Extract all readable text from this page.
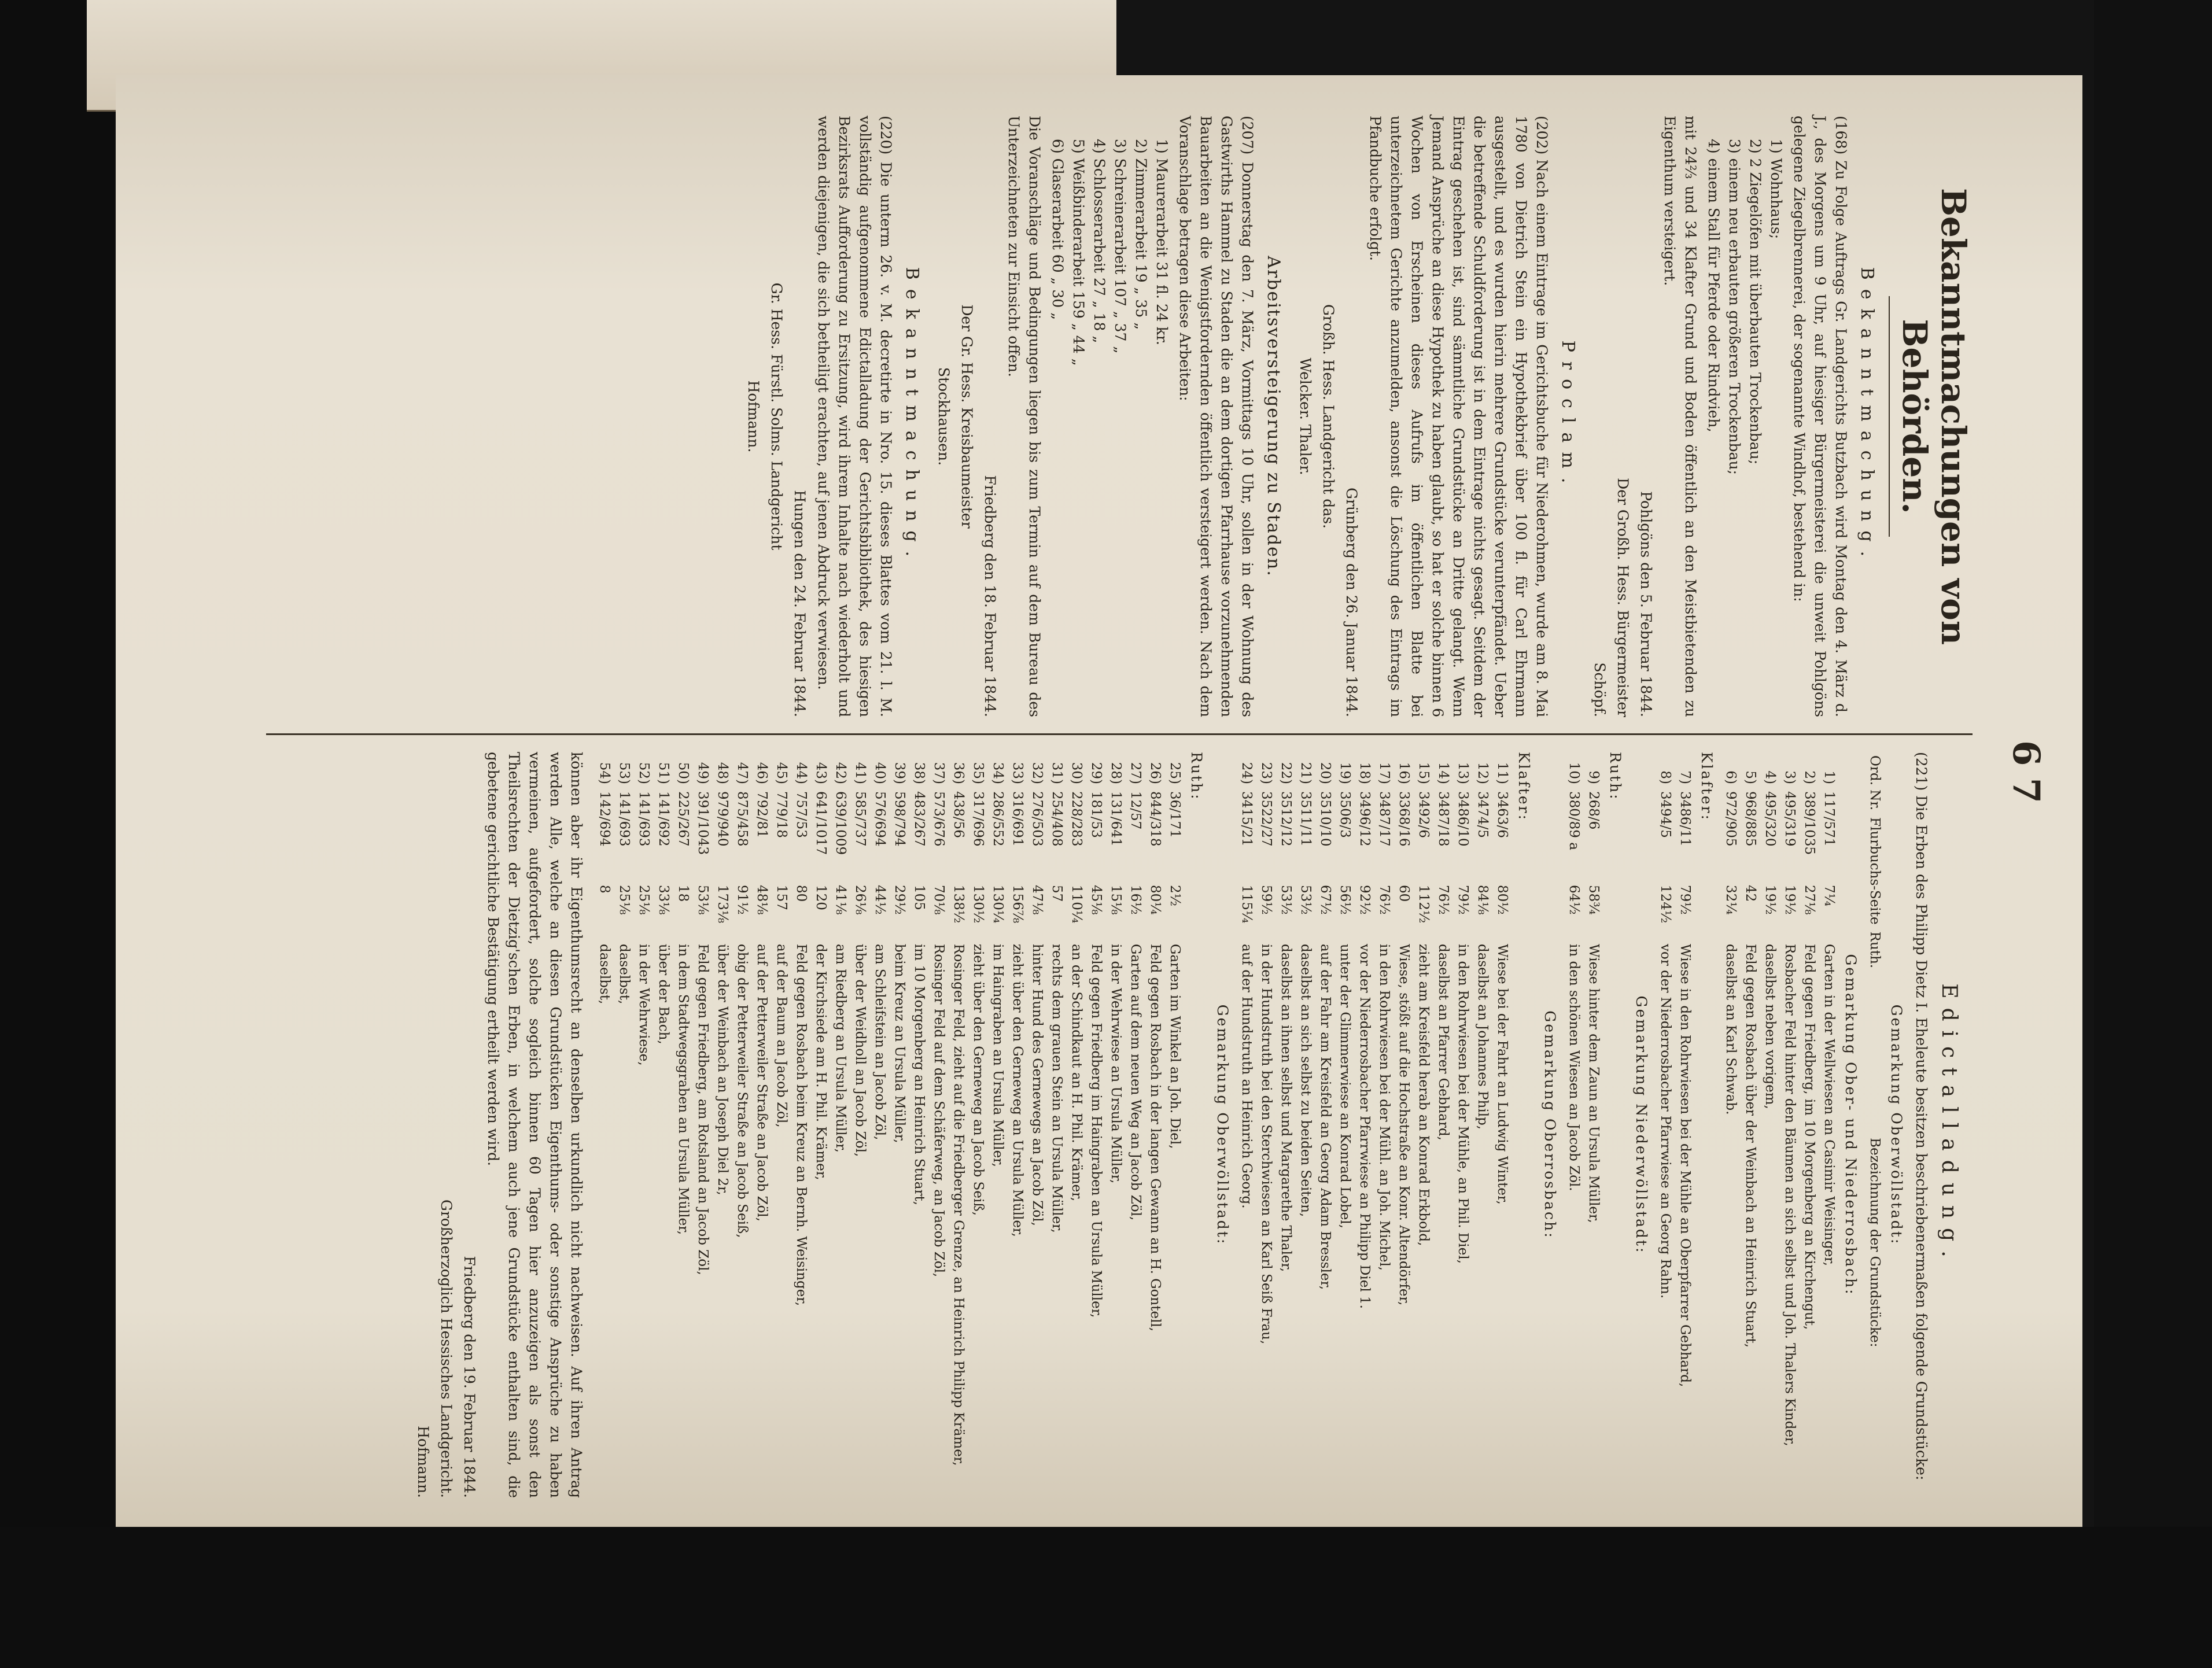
67
Bekanntmachungen von Behörden.
Bekanntmachung.

(168) Zu Folge Auftrags Gr. Landgerichts Butzbach wird Montag den 4. März d. J., des Morgens um 9 Uhr, auf hiesiger Bürgermeisterei die unweit Pohlgöns gelegene Ziegelbrennerei, der sogenannte Windhof, bestehend in:

1) Wohnhaus;
2) 2 Ziegelöfen mit überbauten Trockenbau;
3) einem neu erbauten größeren Trockenbau;
4) einem Stall für Pferde oder Rindvieh,

mit 24⅔ und 34 Klafter Grund und Boden öffentlich an den Meistbietenden zu Eigenthum versteigert.

Pohlgöns den 5. Februar 1844.
Der Großh. Hess. Bürgermeister
Schöpf.
Proclam.

(202) Nach einem Eintrage im Gerichtsbuche für Niederohmen, wurde am 8. Mai 1780 von Dietrich Stein ein Hypothekbrief über 100 fl. für Carl Ehrmann ausgestellt, und es wurden hierin mehrere Grundstücke verunterpfändet. Ueber die betreffende Schuldforderung ist in dem Eintrage nichts gesagt. Seitdem der Eintrag geschehen ist, sind sämmtliche Grundstücke an Dritte gelangt. Wenn Jemand Ansprüche an diese Hypothek zu haben glaubt, so hat er solche binnen 6 Wochen von Erscheinen dieses Aufrufs im öffentlichen Blatte bei unterzeichnetem Gerichte anzumelden, ansonst die Löschung des Eintrags im Pfandbuche erfolgt.

Grünberg den 26. Januar 1844.
Großh. Hess. Landgericht das.
Welcker. Thaler.
Arbeitsversteigerung zu Staden.

(207) Donnerstag den 7. März, Vormittags 10 Uhr, sollen in der Wohnung des Gastwirths Hammel zu Staden die an dem dortigen Pfarrhause vorzunehmenden Bauarbeiten an die Wenigstfordernden öffentlich versteigert werden. Nach dem Voranschlage betragen diese Arbeiten:

1) Maurerarbeit 31 fl. 24 kr.
2) Zimmerarbeit 19 „ 35 „
3) Schreinerarbeit 107 „ 37 „
4) Schlosserarbeit 27 „ 18 „
5) Weißbinderarbeit 159 „ 44 „
6) Glaserarbeit 60 „ 30 „

Die Voranschläge und Bedingungen liegen bis zum Termin auf dem Bureau des Unterzeichneten zur Einsicht offen.

Friedberg den 18. Februar 1844.
Der Gr. Hess. Kreisbaumeister
Stockhausen.
Bekanntmachung.

(220) Die unterm 26. v. M. decretirte in Nro. 15. dieses Blattes vom 21. l. M. vollständig aufgenommene Edictalladung der Gerichtsbibliothek, des hiesigen Bezirksrats Aufforderung zu Ersitzung, wird ihrem Inhalte nach wiederholt und werden diejenigen, die sich betheiligt erachten, auf jenen Abdruck verwiesen.

Hungen den 24. Februar 1844.
Gr. Hess. Fürstl. Solms. Landgericht
Hofmann.
Edictalladung.

(221) Die Erben des Philipp Dietz I. Eheleute besitzen beschriebenermaßen folgende Grundstücke:

Gemarkung Oberwöllstadt:
Ord. Nr.	Flurbuchs-Seite	Ruth.	Bezeichnung der Grundstücke:
Gemarkung Ober- und Niederrosbach:
1)	117/571	7¼	Garten in der Wellwiesen an Casimir Weisinger,
2)	389/1035	27⅛	Feld gegen Friedberg, im 10 Morgenberg an Kirchengut,
3)	495/319	19½	Rosbacher Feld hinter den Bäumen an sich selbst und Joh. Thalers Kinder,
4)	495/320	19½	daselbst neben vorigem,
5)	968/885	42	Feld gegen Rosbach über der Weinbach an Heinrich Stuart,
6)	972/905	32¼	daselbst an Karl Schwab.
Klafter:
7)	3486/11	79½	Wiese in den Rohrwiesen bei der Mühle an Oberpfarrer Gebhard,
8)	3494/5	124½	vor der Niederrosbacher Pfarrwiese an Georg Rahn.
Gemarkung Niederwöllstadt:
Ruth:
9)	268/6	58¾	Wiese hinter dem Zaun an Ursula Müller,
10)	380/89 a	64½	in den schönen Wiesen an Jacob Zöl.
Gemarkung Oberrosbach:
Klafter:
11)	3463/6	80½	Wiese bei der Fahrt an Ludwig Winter,
12)	3474/5	84⅛	daselbst an Johannes Philp,
13)	3486/10	79½	in den Rohrwiesen bei der Mühle, an Phil. Diel,
14)	3487/18	76½	daselbst an Pfarrer Gebhard,
15)	3492/6	112½	zieht am Kreisfeld herab an Konrad Erkbold,
16)	3368/16	60	Wiese, stößt auf die Hochstraße an Konr. Altendörfer,
17)	3487/17	76½	in den Rohrwiesen bei der Mühl. an Joh. Michel,
18)	3496/12	92½	vor der Niederrosbacher Pfarrwiese an Philipp Diel 1.
19)	3506/3	56½	unter der Glimmerwiese an Konrad Lobel,
20)	3510/10	67½	auf der Fahr am Kreisfeld an Georg Adam Bressler,
21)	3511/11	53½	daselbst an sich selbst zu beiden Seiten,
22)	3512/12	53½	daselbst an ihnen selbst und Margarethe Thaler,
23)	3522/27	59½	in der Hundstruth bei den Sterchwiesen an Karl Seiß Frau,
24)	3415/21	115¼	auf der Hundstruth an Heinrich Georg.
Gemarkung Oberwöllstadt:
Ruth:
25)	36/171	2½	Garten im Winkel an Joh. Diel,
26)	844/318	80¼	Feld gegen Rosbach in der langen Gewann an H. Gontell,
27)	12/57	16½	Garten auf dem neuen Weg an Jacob Zöl,
28)	131/641	15⅛	in der Wehrwiese an Ursula Müller,
29)	181/53	45⅛	Feld gegen Friedberg im Haingraben an Ursula Müller,
30)	228/283	110¼	an der Schindkaut an H. Phil. Krämer,
31)	254/408	57	rechts dem grauen Stein an Ursula Müller,
32)	276/503	47⅛	hinter Hund des Gernewegs an Jacob Zöl,
33)	316/691	156⅞	zieht über den Gerneweg an Ursula Müller,
34)	286/552	130¼	im Haingraben an Ursula Müller,
35)	317/696	130½	zieht über den Gerneweg an Jacob Seiß,
36)	438/56	138½	Rosinger Feld, zieht auf die Friedberger Grenze, an Heinrich Philipp Krämer,
37)	573/676	70⅛	Rosinger Feld auf dem Schäferweg, an Jacob Zöl,
38)	483/267	105	im 10 Morgenberg an Heinrich Stuart,
39)	598/794	29½	beim Kreuz an Ursula Müller,
40)	576/694	44½	am Schleifstein an Jacob Zöl,
41)	585/737	26⅛	über der Weidholl an Jacob Zöl,
42)	639/1009	41⅛	am Riedberg an Ursula Müller,
43)	641/1017	120	der Kirchsiede am H. Phil. Krämer,
44)	757/53	80	Feld gegen Rosbach beim Kreuz an Bernh. Weisinger,
45)	779/18	157	auf der Baum an Jacob Zöl,
46)	792/81	48⅛	auf der Petterweiler Straße an Jacob Zöl,
47)	875/458	91½	obig der Petterweiler Straße an Jacob Seiß,
48)	979/940	173⅛	über der Weinbach an Joseph Diel 2r,
49)	391/1043	53⅛	Feld gegen Friedberg, am Rotsland an Jacob Zöl,
50)	225/267	18	in dem Stadtwegsgraben an Ursula Müller,
51)	141/692	33⅛	über der Bach,
52)	141/693	25⅛	in der Wehrwiese,
53)	141/693	25⅛	daselbst,
54)	142/694	8	daselbst,

können aber ihr Eigenthumsrecht an denselben urkundlich nicht nachweisen. Auf ihren Antrag werden Alle, welche an diesen Grundstücken Eigenthums- oder sonstige Ansprüche zu haben vermeinen, aufgefordert, solche sogleich binnen 60 Tagen hier anzuzeigen als sonst den Theilsrechten der Dietzig'schen Erben, in welchem auch jene Grundstücke enthalten sind, die gebetene gerichtliche Bestätigung ertheilt werden wird.

Friedberg den 19. Februar 1844.
Großherzoglich Hessisches Landgericht.
Hofmann.
